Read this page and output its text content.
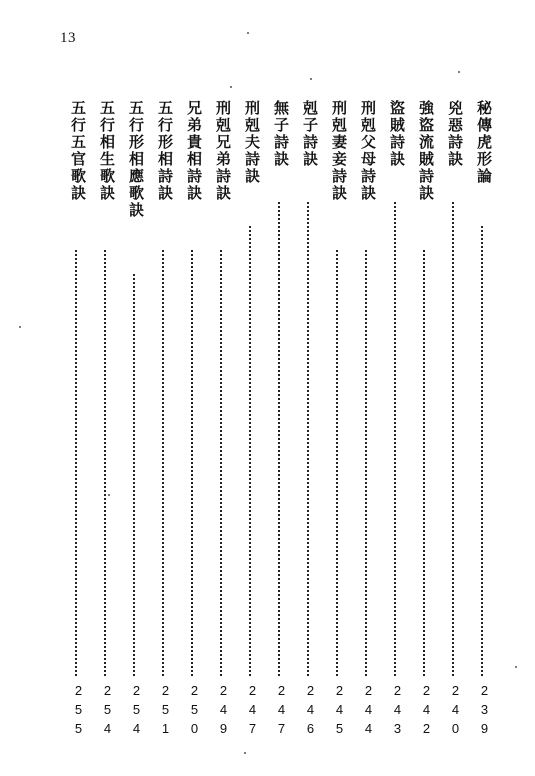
13
秘傳虎形論
239
兇惡詩訣
240
強盜流賊詩訣
242
盜賊詩訣
243
刑剋父母詩訣
244
刑剋妻妾詩訣
245
剋子詩訣
246
無子詩訣
247
刑剋夫詩訣
247
刑剋兄弟詩訣
249
兄弟貴相詩訣
250
五行形相詩訣
251
五行形相應歌訣
254
五行相生歌訣
254
五行五官歌訣
255
